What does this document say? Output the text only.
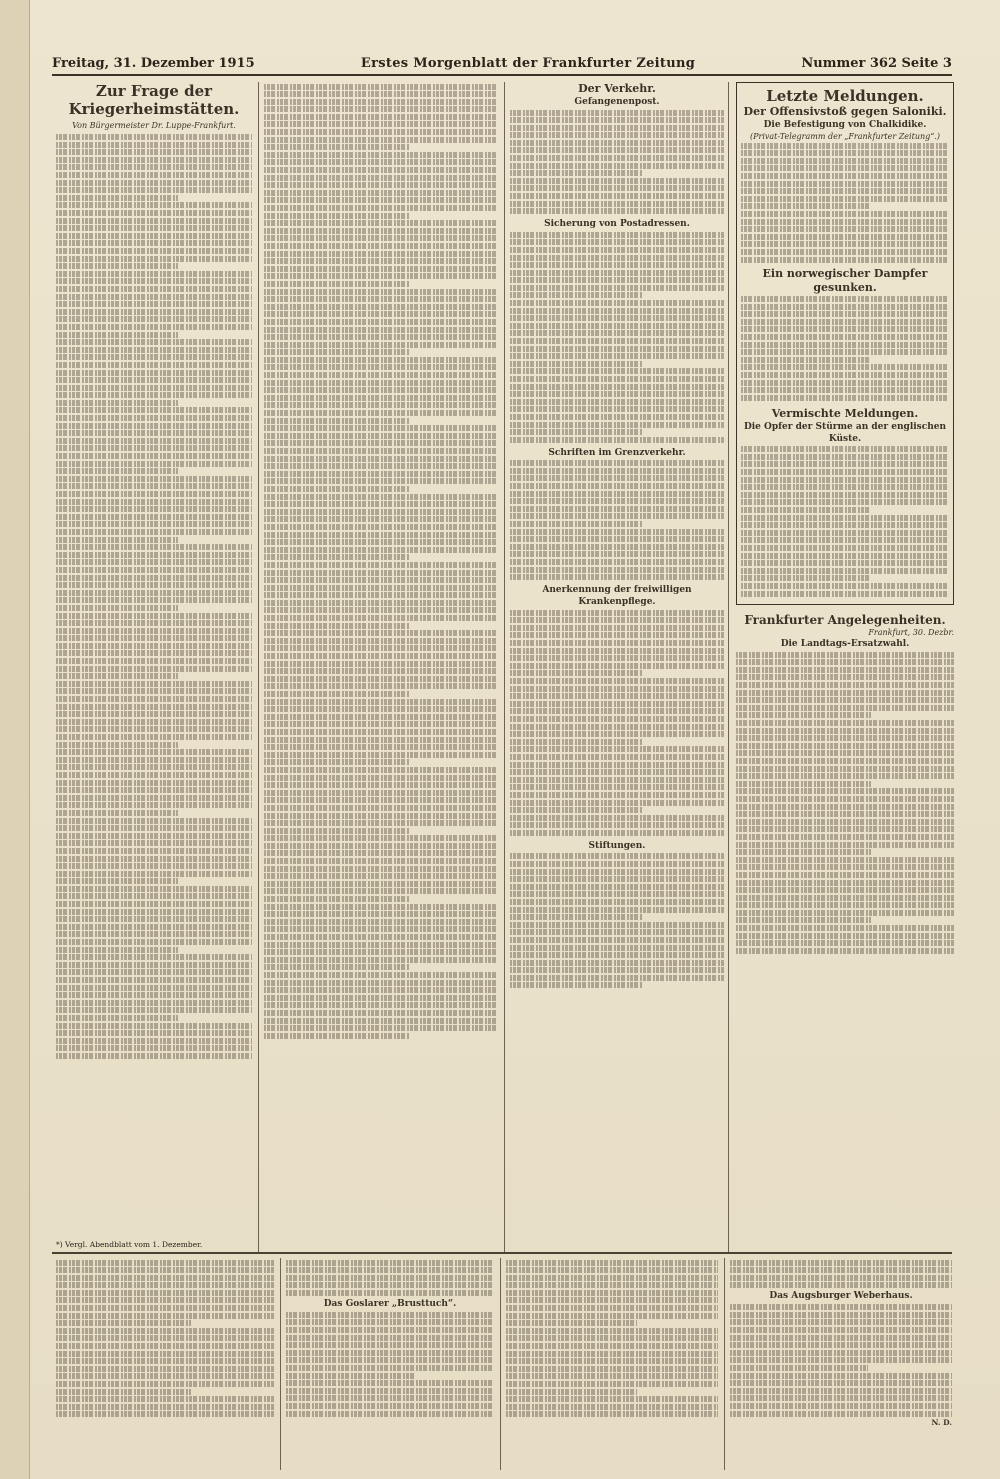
Freitag, 31. Dezember 1915	Erstes Morgenblatt der Frankfurter Zeitung	Nummer 362 Seite 3
Zur Frage der Kriegerheimstätten.
Von Bürgermeister Dr. Luppe-Frankfurt.
Der Verkehr.
Gefangenenpost.
Sicherung von Postadressen.
Schriften im Grenzverkehr.
Anerkennung der freiwilligen Krankenpflege.
Stiftungen.
Letzte Meldungen.
Der Offensivstoß gegen Saloniki.
Die Befestigung von Chalkidike.
(Privat-Telegramm der „Frankfurter Zeitung“.)
Ein norwegischer Dampfer gesunken.
Vermischte Meldungen.
Die Opfer der Stürme an der englischen Küste.
Frankfurter Angelegenheiten.
Frankfurt, 30. Dezbr.
Die Landtags-Ersatzwahl.
*) Vergl. Abendblatt vom 1. Dezember.
Das Goslarer „Brusttuch“.
Das Augsburger Weberhaus.
N. D.
